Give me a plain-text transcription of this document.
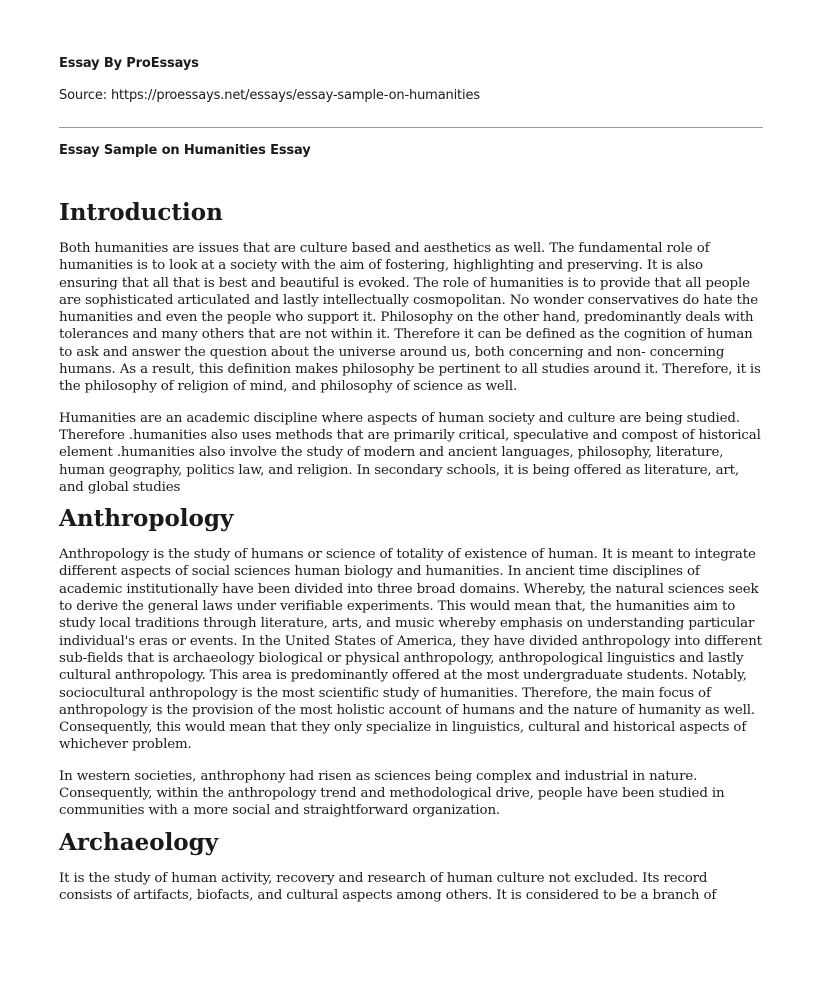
Essay By ProEssays

Source: https://proessays.net/essays/essay-sample-on-humanities

Essay Sample on Humanities Essay

Introduction

Both humanities are issues that are culture based and aesthetics as well. The fundamental role of humanities is to look at a society with the aim of fostering, highlighting and preserving. It is also ensuring that all that is best and beautiful is evoked. The role of humanities is to provide that all people are sophisticated articulated and lastly intellectually cosmopolitan. No wonder conservatives do hate the humanities and even the people who support it. Philosophy on the other hand, predominantly deals with tolerances and many others that are not within it. Therefore it can be defined as the cognition of human to ask and answer the question about the universe around us, both concerning and non- concerning humans. As a result, this definition makes philosophy be pertinent to all studies around it. Therefore, it is the philosophy of religion of mind, and philosophy of science as well.

Humanities are an academic discipline where aspects of human society and culture are being studied. Therefore .humanities also uses methods that are primarily critical, speculative and compost of historical element .humanities also involve the study of modern and ancient languages, philosophy, literature, human geography, politics law, and religion. In secondary schools, it is being offered as literature, art, and global studies

Anthropology

Anthropology is the study of humans or science of totality of existence of human. It is meant to integrate different aspects of social sciences human biology and humanities. In ancient time disciplines of academic institutionally have been divided into three broad domains. Whereby, the natural sciences seek to derive the general laws under verifiable experiments. This would mean that, the humanities aim to study local traditions through literature, arts, and music whereby emphasis on understanding particular individual's eras or events. In the United States of America, they have divided anthropology into different sub-fields that is archaeology biological or physical anthropology, anthropological linguistics and lastly cultural anthropology. This area is predominantly offered at the most undergraduate students. Notably, sociocultural anthropology is the most scientific study of humanities. Therefore, the main focus of anthropology is the provision of the most holistic account of humans and the nature of humanity as well. Consequently, this would mean that they only specialize in linguistics, cultural and historical aspects of whichever problem.

In western societies, anthrophony had risen as sciences being complex and industrial in nature. Consequently, within the anthropology trend and methodological drive, people have been studied in communities with a more social and straightforward organization.

Archaeology

It is the study of human activity, recovery and research of human culture not excluded. Its record consists of artifacts, biofacts, and cultural aspects among others. It is considered to be a branch of
